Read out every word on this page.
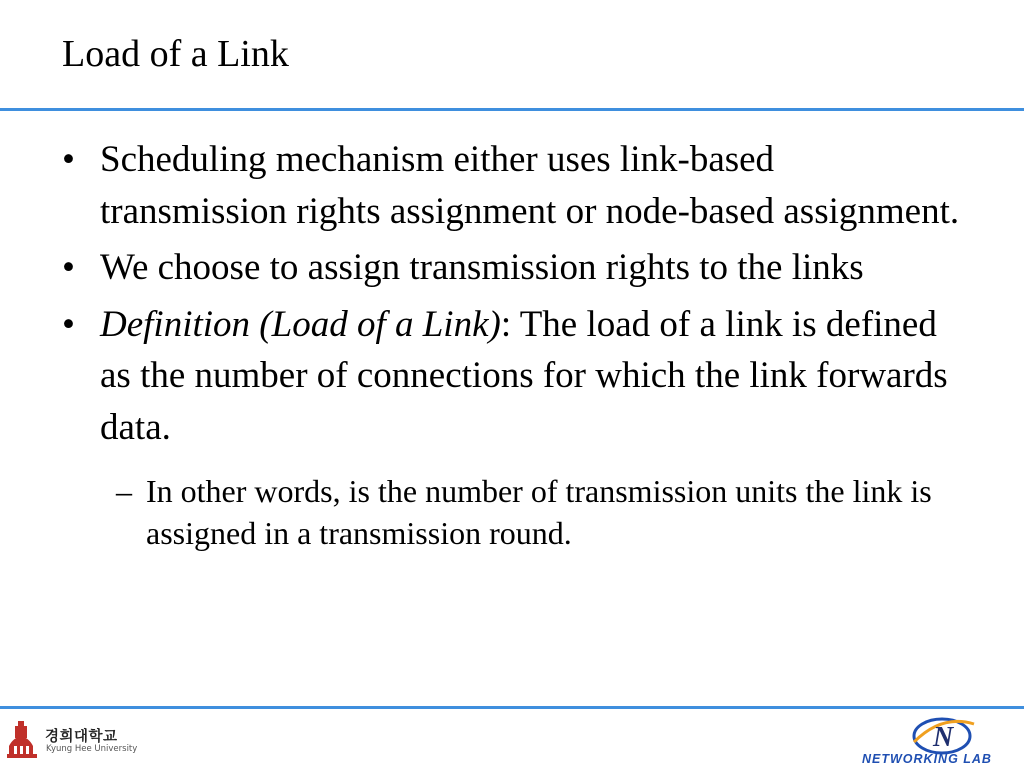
Load of a Link
• Scheduling mechanism either uses link-based transmission rights assignment or node-based assignment.
• We choose to assign transmission rights to the links
• Definition (Load of a Link): The load of a link is defined as the number of connections for which the link forwards data.
– In other words, is the number of transmission units the link is assigned in a transmission round.
경희대학교
Kyung Hee University	N
NETWORKING LAB
